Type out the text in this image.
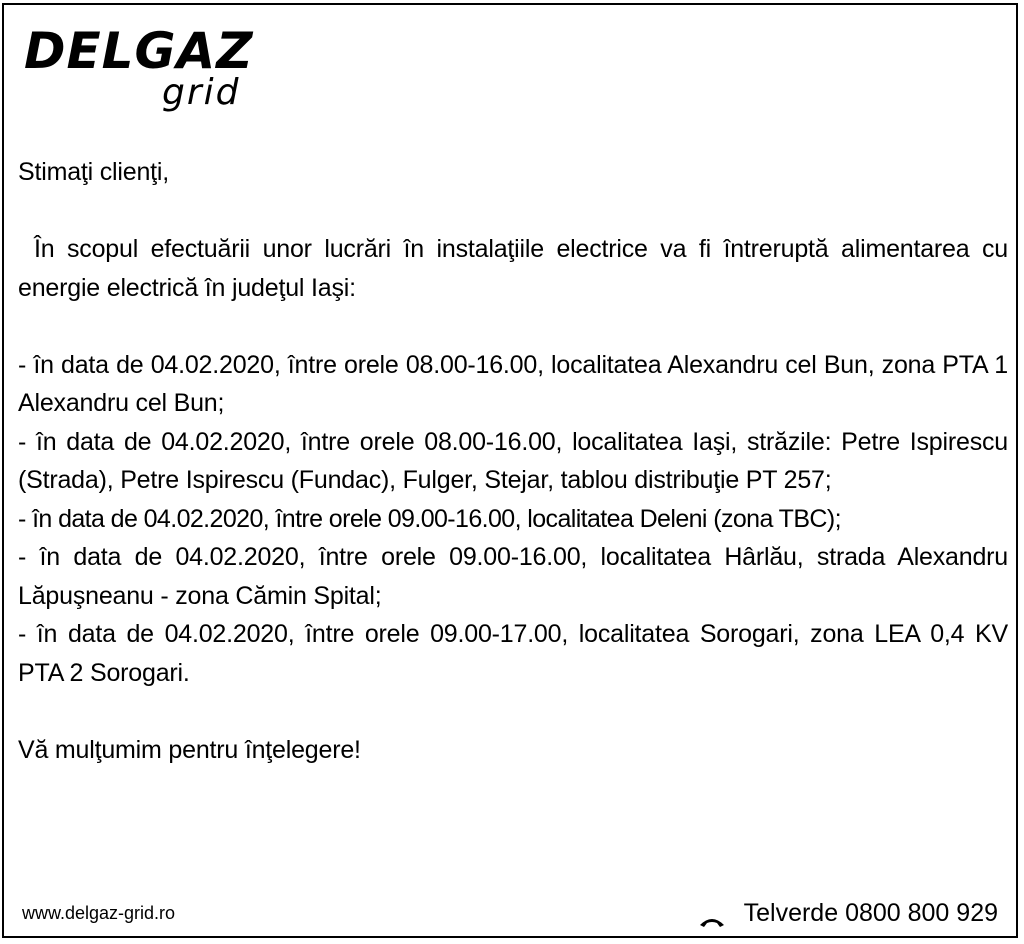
DELGAZ
grid

Stimaţi clienţi,

În scopul efectuării unor lucrări în instalaţiile electrice va fi întreruptă alimentarea cu energie electrică în judeţul Iaşi:

- în data de 04.02.2020, între orele 08.00-16.00, localitatea Alexandru cel Bun, zona PTA 1 Alexandru cel Bun;

- în data de 04.02.2020, între orele 08.00-16.00, localitatea Iaşi, străzile: Petre Ispirescu (Strada), Petre Ispirescu (Fundac), Fulger, Stejar, tablou distribuţie PT 257;

- în data de 04.02.2020, între orele 09.00-16.00, localitatea Deleni (zona TBC);

- în data de 04.02.2020, între orele 09.00-16.00, localitatea Hârlău, strada Alexandru Lăpuşneanu - zona Cămin Spital;

- în data de 04.02.2020, între orele 09.00-17.00, localitatea Sorogari, zona LEA 0,4 KV PTA 2 Sorogari.

Vă mulţumim pentru înţelegere!

www.delgaz-grid.ro	Telverde 0800 800 929
